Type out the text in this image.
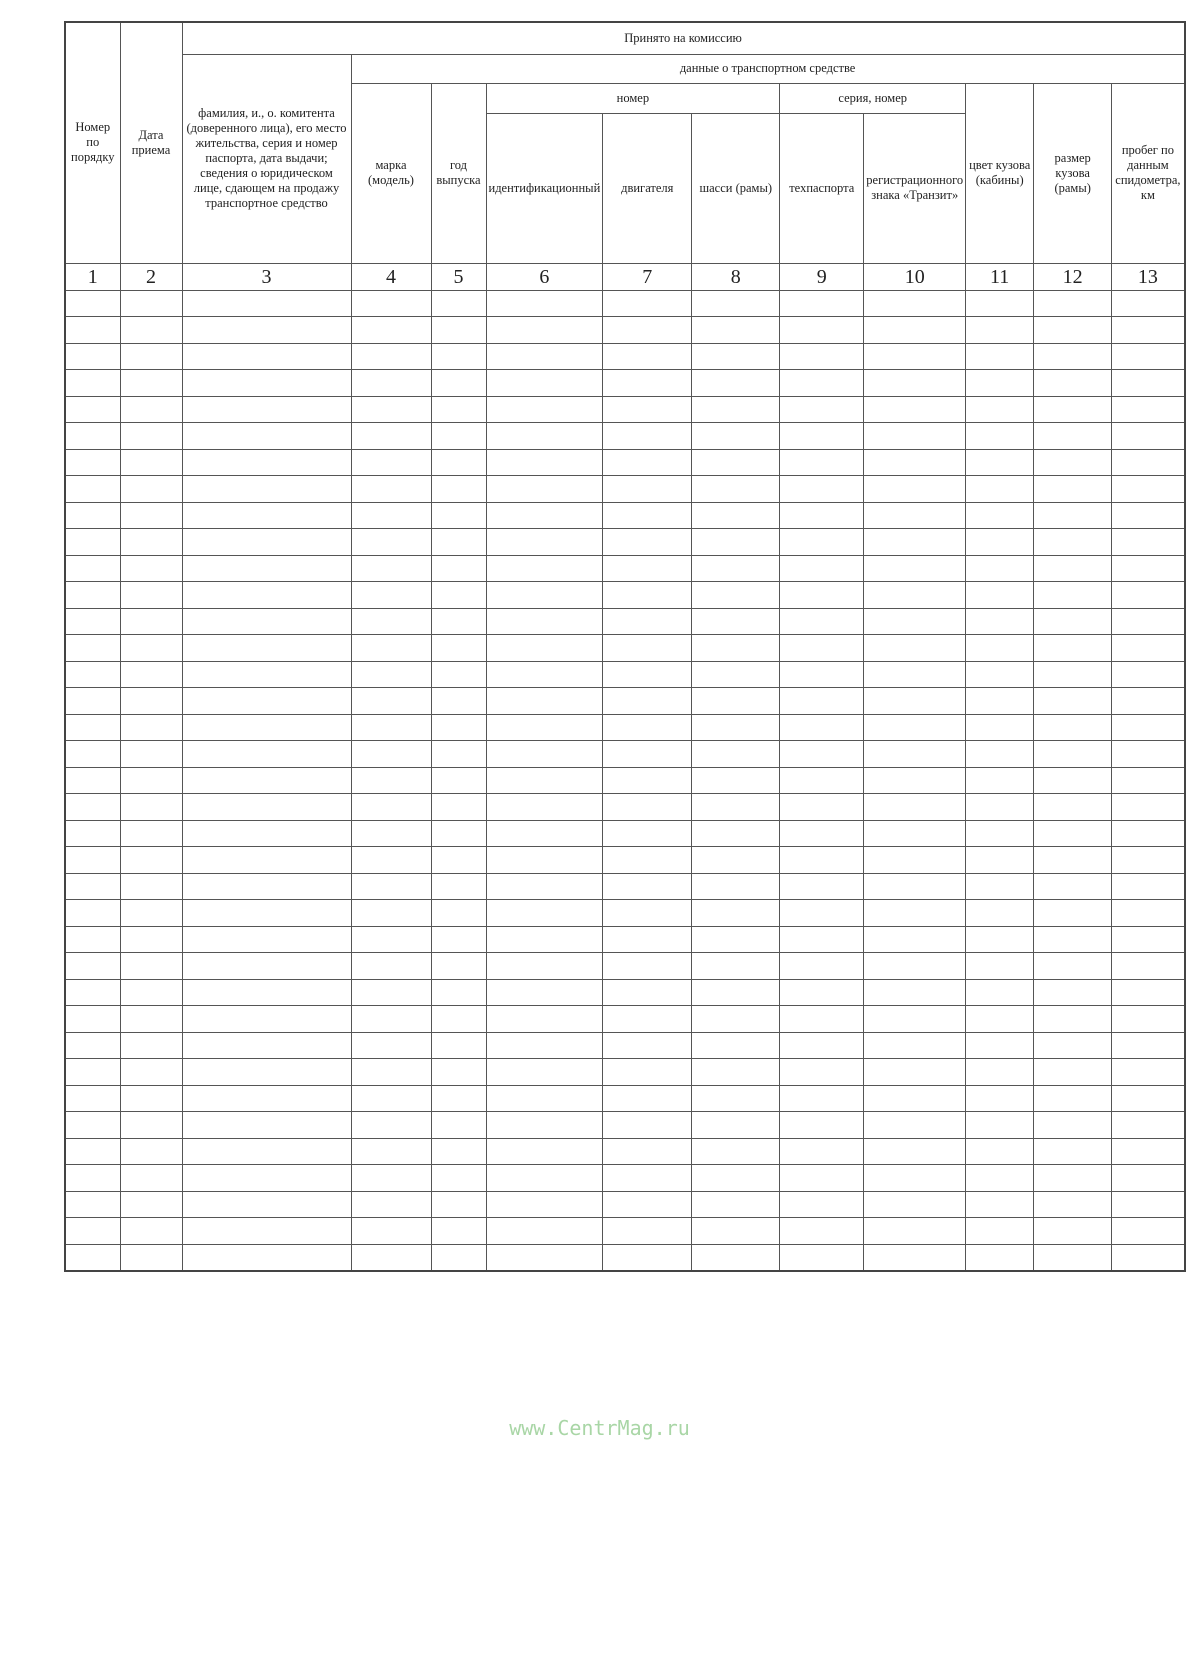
Номер по порядку	Дата приема	Принято на комиссию										
		фамилия, и., о. комитента (доверенного лица), его место жительства, серия и номер паспорта, дата выдачи; сведения о юридическом лице, сдающем на продажу транспортное средство	данные о транспортном средстве									
			марка (модель)	год выпуска	номер			серия, номер		цвет кузова (кабины)	размер кузова (рамы)	пробег по данным спидометра, км
					идентификационный	двигателя	шасси (рамы)	техпаспорта	регистрационного знака «Транзит»			

1	2	3	4	5	6	7	8	9	10	11	12	13

www.CentrMag.ru
